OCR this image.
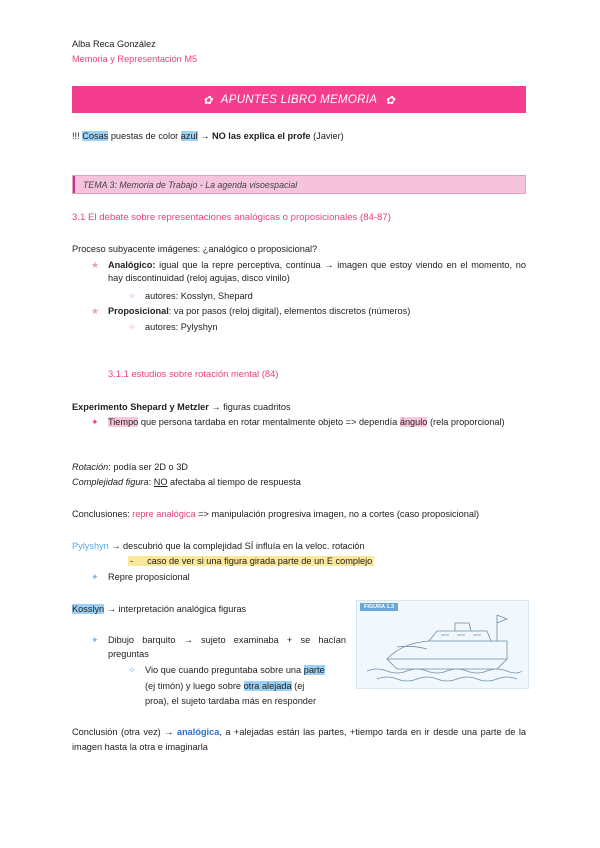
Alba Reca González
Memoria y Representación M5
✿ APUNTES LIBRO MEMORIA ✿
!!! Cosas puestas de color azul → NO las explica el profe (Javier)
TEMA 3: Memoria de Trabajo - La agenda visoespacial
3.1 El debate sobre representaciones analógicas o proposicionales (84-87)
Proceso subyacente imágenes: ¿analógico o proposicional?
★ Analógico: igual que la repre perceptiva, continua → imagen que estoy viendo en el momento, no hay discontinuidad (reloj agujas, disco vinilo)
✧ autores: Kosslyn, Shepard
★ Proposicional: va por pasos (reloj digital), elementos discretos (números)
✧ autores: Pylyshyn
3.1.1 estudios sobre rotación mental (84)
Experimento Shepard y Metzler → figuras cuadritos
✦ Tiempo que persona tardaba en rotar mentalmente objeto => dependía ángulo (rela proporcional)
Rotación: podía ser 2D o 3D
Complejidad figura: NO afectaba al tiempo de respuesta
Conclusiones: repre analógica => manipulación progresiva imagen, no a cortes (caso proposicional)
Pylyshyn → descubrió que la complejidad SÍ influía en la veloc. rotación
- caso de ver si una figura girada parte de un E complejo
✦ Repre proposicional
Kosslyn → interpretación analógica figuras
✦ Dibujo barquito → sujeto examinaba + se hacían
preguntas
✧ Vio que cuando preguntaba sobre una parte
(ej timón) y luego sobre otra alejada (ej
proa), el sujeto tardaba más en responder
FIGURA 1.3
Conclusión (otra vez) → analógica, a +alejadas están las partes, +tiempo tarda en ir desde una parte de la imagen hasta la otra e imaginarla
